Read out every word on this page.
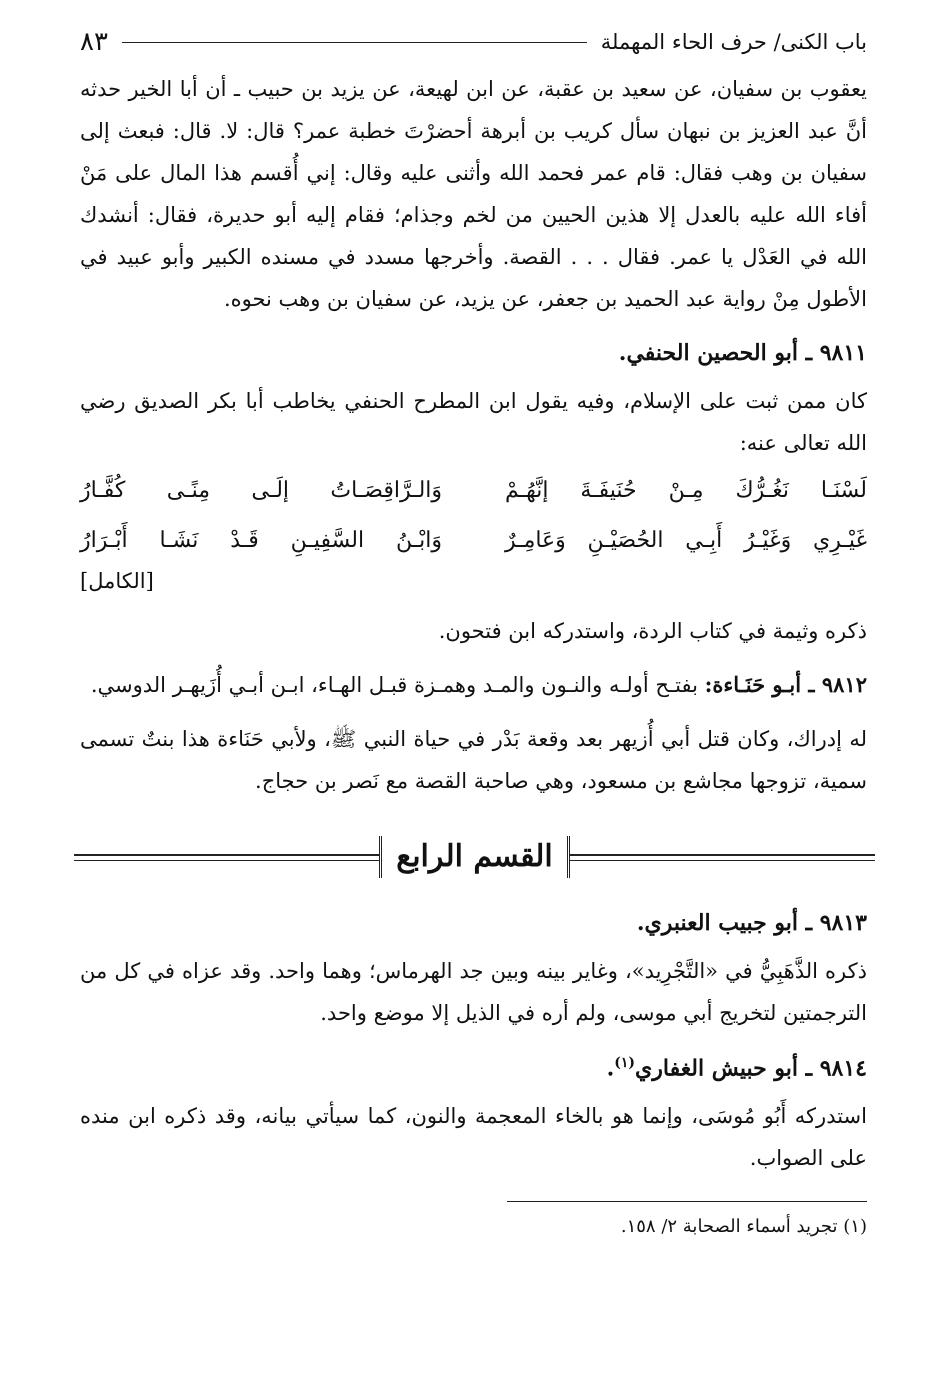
باب الكنى/ حرف الحاء المهملة
٨٣

يعقوب بن سفيان، عن سعيد بن عقبة، عن ابن لهيعة، عن يزيد بن حبيب ـ أن أبا الخير حدثه أنَّ عبد العزيز بن نبهان سأل كريب بن أبرهة أحضرْتَ خطبة عمر؟ قال: لا. قال: فبعث إلى سفيان بن وهب فقال: قام عمر فحمد الله وأثنى عليه وقال: إني أُقسم هذا المال على مَنْ أفاء الله عليه بالعدل إلا هذين الحيين من لخم وجذام؛ فقام إليه أبو حديرة، فقال: أنشدك الله في العَدْل يا عمر. فقال . . . القصة. وأخرجها مسدد في مسنده الكبير وأبو عبيد في الأطول مِنْ رواية عبد الحميد بن جعفر، عن يزيد، عن سفيان بن وهب نحوه.

٩٨١١ ـ أبو الحصين الحنفي.

كان ممن ثبت على الإسلام، وفيه يقول ابن المطرح الحنفي يخاطب أبا بكر الصديق رضي الله تعالى عنه:

لَسْنَـا نَغُـرُّكَ مِـنْ حُنَيفَـةَ إنَّهُـمْ
وَالـرَّاقِصَـاتُ إلَـى مِنًـى كُفَّـارُ
غَيْـرِي وَغَيْـرُ أَبِـي الحُصَيْـنِ وَعَامِـرٌ
وَابْـنُ السَّفِيـنِ قَـدْ نَشَـا أَبْـرَارُ
[الكامل]

ذكره وثيمة في كتاب الردة، واستدركه ابن فتحون.

٩٨١٢ ـ أبـو حَنَـاءة: بفتـح أولـه والنـون والمـد وهمـزة قبـل الهـاء، ابـن أبـي أُزَيهـر الدوسي.

له إدراك، وكان قتل أبي أُزيهر بعد وقعة بَدْر في حياة النبي ﷺ، ولأبي حَنَاءة هذا بنتٌ تسمى سمية، تزوجها مجاشع بن مسعود، وهي صاحبة القصة مع نَصر بن حجاج.

القسم الرابع
٩٨١٣ ـ أبو جبيب العنبري.

ذكره الذَّهَبِيُّ في «التَّجْرِيد»، وغاير بينه وبين جد الهرماس؛ وهما واحد. وقد عزاه في كل من الترجمتين لتخريج أبي موسى، ولم أره في الذيل إلا موضع واحد.

٩٨١٤ ـ أبو حبيش الغفاري$^{(١)}$.

استدركه أَبُو مُوسَى، وإنما هو بالخاء المعجمة والنون، كما سيأتي بيانه، وقد ذكره ابن منده على الصواب.

(١) تجريد أسماء الصحابة ٢/ ١٥٨.
